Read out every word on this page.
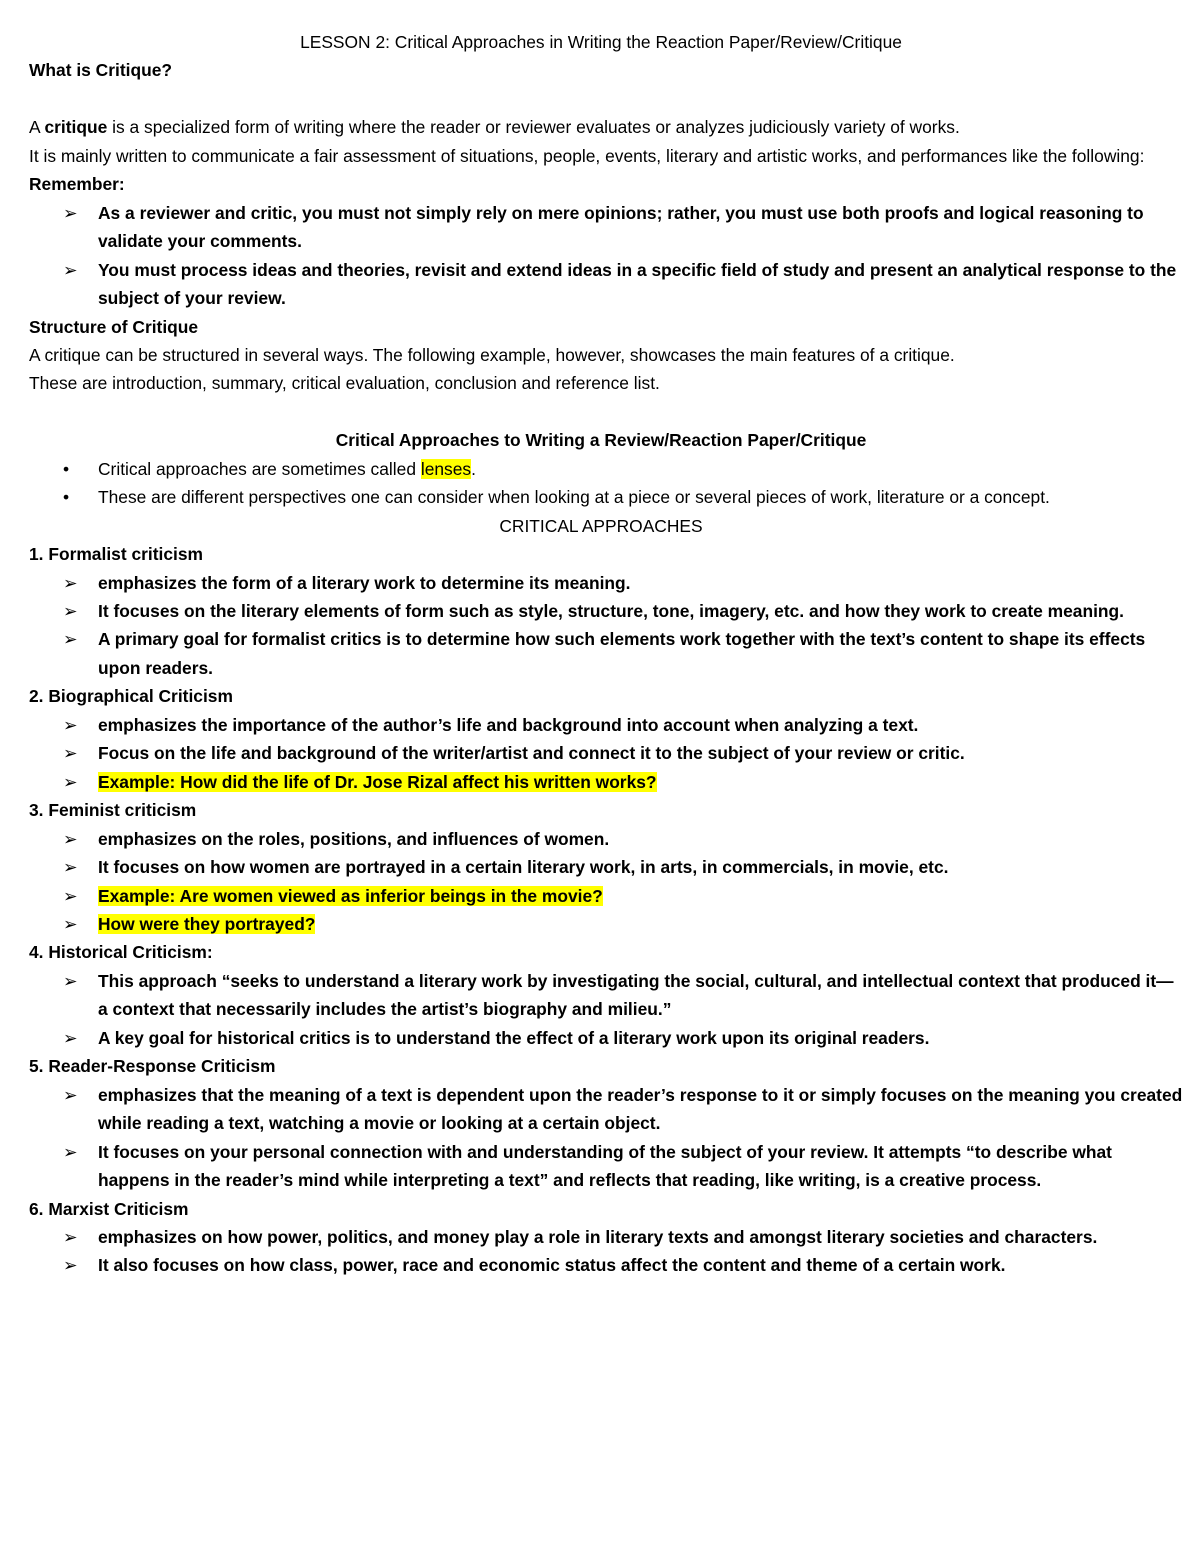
LESSON 2: Critical Approaches in Writing the Reaction Paper/Review/Critique
What is Critique?
A critique is a specialized form of writing where the reader or reviewer evaluates or analyzes judiciously variety of works.
It is mainly written to communicate a fair assessment of situations, people, events, literary and artistic works, and performances like the following:
Remember:
➢ As a reviewer and critic, you must not simply rely on mere opinions; rather, you must use both proofs and logical reasoning to validate your comments.
➢ You must process ideas and theories, revisit and extend ideas in a specific field of study and present an analytical response to the subject of your review.
Structure of Critique
A critique can be structured in several ways. The following example, however, showcases the main features of a critique.
These are introduction, summary, critical evaluation, conclusion and reference list.
Critical Approaches to Writing a Review/Reaction Paper/Critique
• Critical approaches are sometimes called lenses.
• These are different perspectives one can consider when looking at a piece or several pieces of work, literature or a concept.
CRITICAL APPROACHES
1. Formalist criticism
➢ emphasizes the form of a literary work to determine its meaning.
➢ It focuses on the literary elements of form such as style, structure, tone, imagery, etc. and how they work to create meaning.
➢ A primary goal for formalist critics is to determine how such elements work together with the text’s content to shape its effects upon readers.
2. Biographical Criticism
➢ emphasizes the importance of the author’s life and background into account when analyzing a text.
➢ Focus on the life and background of the writer/artist and connect it to the subject of your review or critic.
➢ Example: How did the life of Dr. Jose Rizal affect his written works?
3. Feminist criticism
➢ emphasizes on the roles, positions, and influences of women.
➢ It focuses on how women are portrayed in a certain literary work, in arts, in commercials, in movie, etc.
➢ Example: Are women viewed as inferior beings in the movie?
➢ How were they portrayed?
4. Historical Criticism:
➢ This approach “seeks to understand a literary work by investigating the social, cultural, and intellectual context that produced it—a context that necessarily includes the artist’s biography and milieu.”
➢ A key goal for historical critics is to understand the effect of a literary work upon its original readers.
5. Reader-Response Criticism
➢ emphasizes that the meaning of a text is dependent upon the reader’s response to it or simply focuses on the meaning you created while reading a text, watching a movie or looking at a certain object.
➢ It focuses on your personal connection with and understanding of the subject of your review. It attempts “to describe what happens in the reader’s mind while interpreting a text” and reflects that reading, like writing, is a creative process.
6. Marxist Criticism
➢ emphasizes on how power, politics, and money play a role in literary texts and amongst literary societies and characters.
➢ It also focuses on how class, power, race and economic status affect the content and theme of a certain work.
